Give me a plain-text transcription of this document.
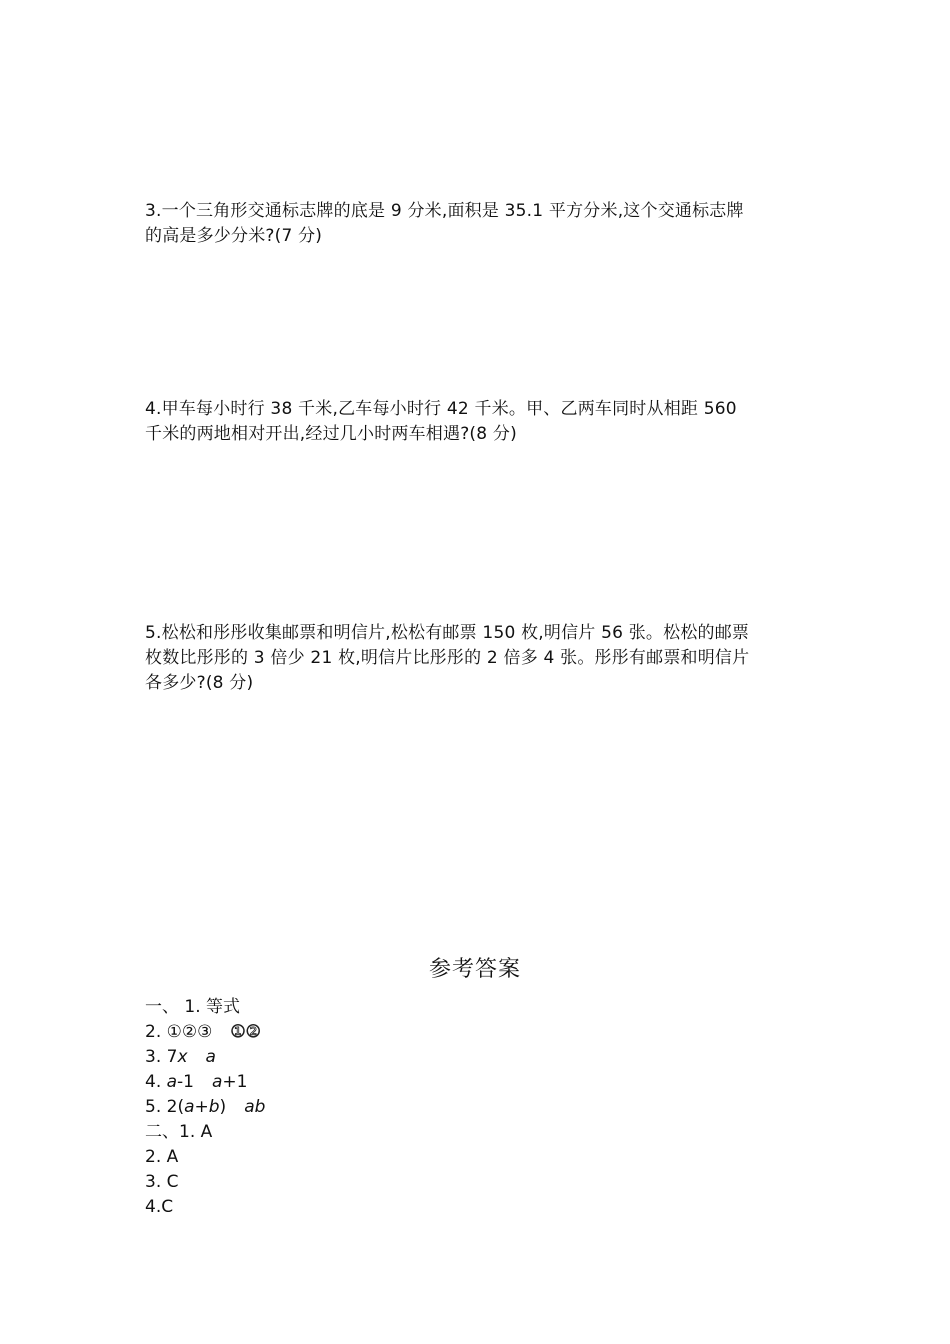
3.一个三角形交通标志牌的底是 9 分米,面积是 35.1 平方分米,这个交通标志牌

的高是多少分米?(7 分)

4.甲车每小时行 38 千米,乙车每小时行 42 千米。甲、乙两车同时从相距 560

千米的两地相对开出,经过几小时两车相遇?(8 分)

5.松松和彤彤收集邮票和明信片,松松有邮票 150 枚,明信片 56 张。松松的邮票

枚数比彤彤的 3 倍少 21 枚,明信片比彤彤的 2 倍多 4 张。彤彤有邮票和明信片

各多少?(8 分)

参考答案
一、 1. 等式
2. ①②③ ①②
3. 7x a
4. a-1 a+1
5. 2(a+b) ab
二、1. A
2. A
3. C
4.C
